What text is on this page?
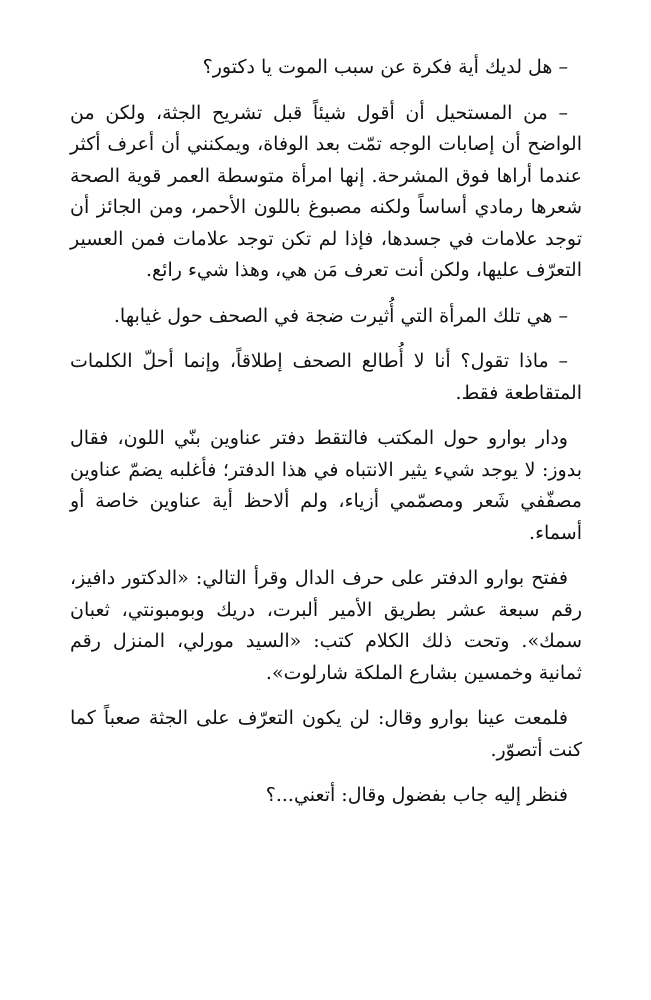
– هل لديك أية فكرة عن سبب الموت يا دكتور؟

– من المستحيل أن أقول شيئاً قبل تشريح الجثة، ولكن من الواضح أن إصابات الوجه تمّت بعد الوفاة، ويمكنني أن أعرف أكثر عندما أراها فوق المشرحة. إنها امرأة متوسطة العمر قوية الصحة شعرها رمادي أساساً ولكنه مصبوغ باللون الأحمر، ومن الجائز أن توجد علامات في جسدها، فإذا لم تكن توجد علامات فمن العسير التعرّف عليها، ولكن أنت تعرف مَن هي، وهذا شيء رائع.

– هي تلك المرأة التي أُثيرت ضجة في الصحف حول غيابها.

– ماذا تقول؟ أنا لا أُطالع الصحف إطلاقاً، وإنما أحلّ الكلمات المتقاطعة فقط.

ودار بوارو حول المكتب فالتقط دفتر عناوين بنّي اللون، فقال بدوز: لا يوجد شيء يثير الانتباه في هذا الدفتر؛ فأغلبه يضمّ عناوين مصفّفي شَعر ومصمّمي أزياء، ولم ألاحظ أية عناوين خاصة أو أسماء.

ففتح بوارو الدفتر على حرف الدال وقرأ التالي: «الدكتور دافيز، رقم سبعة عشر بطريق الأمير ألبرت، دريك وبومبونتي، ثعبان سمك». وتحت ذلك الكلام كتب: «السيد مورلي، المنزل رقم ثمانية وخمسين بشارع الملكة شارلوت».

فلمعت عينا بوارو وقال: لن يكون التعرّف على الجثة صعباً كما كنت أتصوّر.

فنظر إليه جاب بفضول وقال: أتعني...؟
